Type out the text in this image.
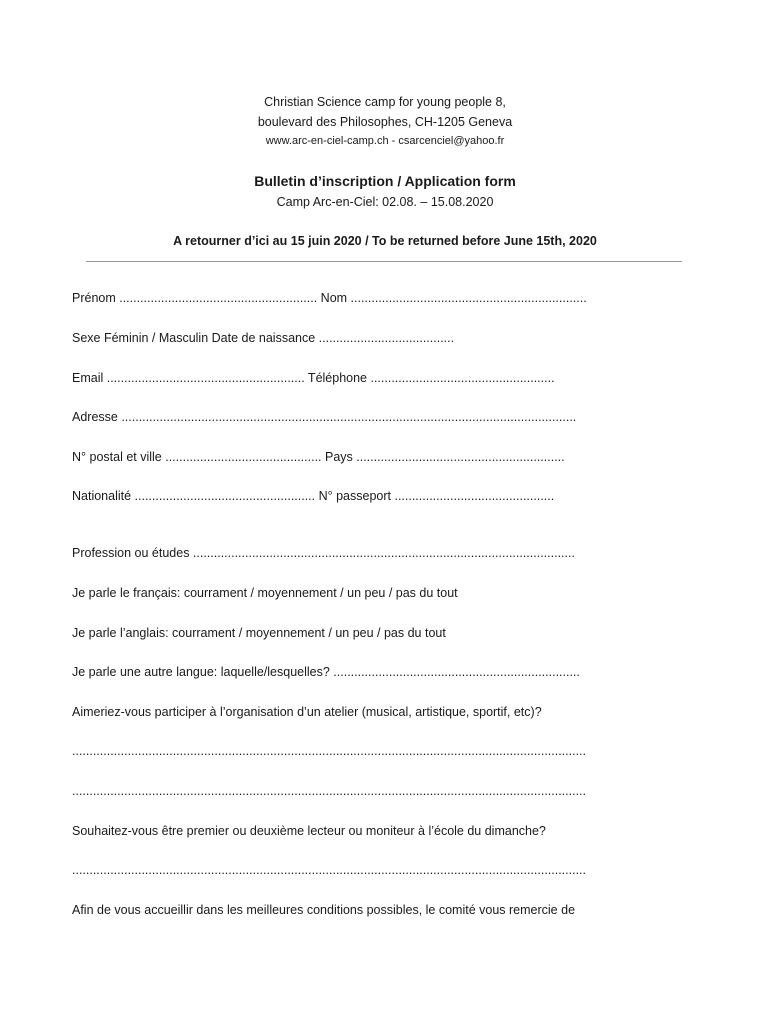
Christian Science camp for young people 8,
boulevard des Philosophes, CH-1205 Geneva
www.arc-en-ciel-camp.ch - csarcenciel@yahoo.fr
Bulletin d’inscription / Application form
Camp Arc-en-Ciel: 02.08. – 15.08.2020
A retourner d’ici au 15 juin 2020 / To be returned before June 15th, 2020
Prénom ......................................................... Nom ....................................................................
Sexe Féminin / Masculin Date de naissance .......................................
Email ......................................................... Téléphone .....................................................
Adresse ...................................................................................................................................
N° postal et ville ............................................. Pays ............................................................
Nationalité .................................................... N° passeport ..............................................
Profession ou études ..............................................................................................................
Je parle le français: courrament / moyennement / un peu / pas du tout
Je parle l’anglais: courrament / moyennement / un peu / pas du tout
Je parle une autre langue: laquelle/lesquelles? .......................................................................
Aimeriez-vous participer à l’organisation d’un atelier (musical, artistique, sportif, etc)?
....................................................................................................................................................
....................................................................................................................................................
Souhaitez-vous être premier ou deuxième lecteur ou moniteur à l’école du dimanche?
....................................................................................................................................................
Afin de vous accueillir dans les meilleures conditions possibles, le comité vous remercie de
